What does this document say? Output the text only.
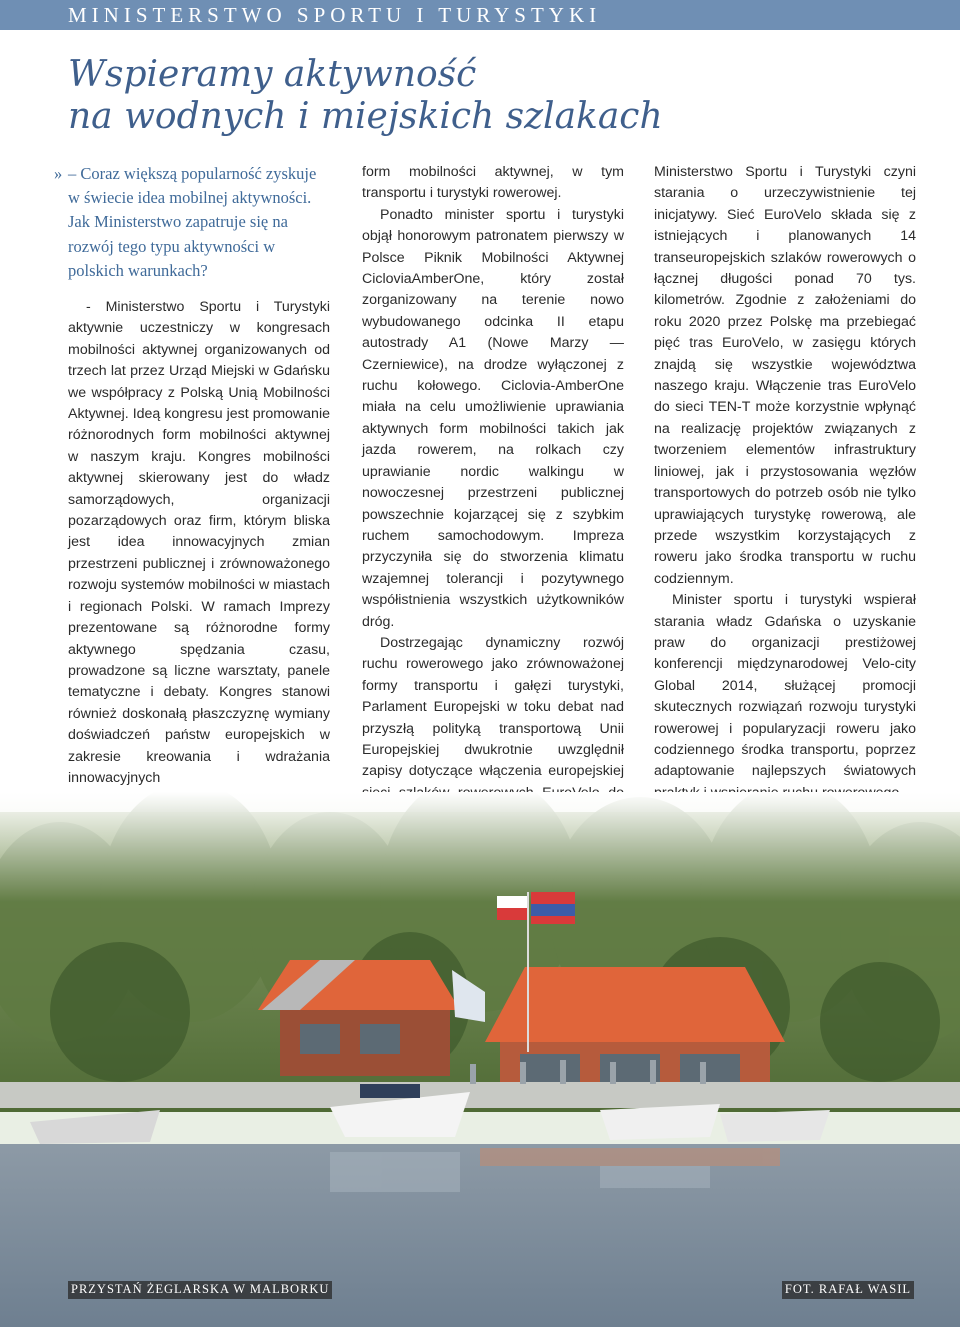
MINISTERSTWO SPORTU I TURYSTYKI
Wspieramy aktywność
na wodnych i miejskich szlakach

» – Coraz większą popularność zyskuje w świecie idea mobilnej aktywności. Jak Ministerstwo zapatruje się na rozwój tego typu aktywności w polskich warunkach?

- Ministerstwo Sportu i Turystyki aktywnie uczestniczy w kongresach mobilności aktywnej organizowanych od trzech lat przez Urząd Miejski w Gdańsku we współpracy z Polską Unią Mobilności Aktywnej. Ideą kongresu jest promowanie różnorodnych form mobilności aktywnej w naszym kraju. Kongres mobilności aktywnej skierowany jest do władz samorządowych, organizacji pozarządowych oraz firm, którym bliska jest idea innowacyjnych zmian przestrzeni publicznej i zrównoważonego rozwoju systemów mobilności w miastach i regionach Polski. W ramach Imprezy prezentowane są różnorodne formy aktywnego spędzania czasu, prowadzone są liczne warsztaty, panele tematyczne i debaty. Kongres stanowi również doskonałą płaszczyznę wymiany doświadczeń państw europejskich w zakresie kreowania i wdrażania innowacyjnych

form mobilności aktywnej, w tym transportu i turystyki rowerowej.

Ponadto minister sportu i turystyki objął honorowym patronatem pierwszy w Polsce Piknik Mobilności Aktywnej CicloviaAmberOne, który został zorganizowany na terenie nowo wybudowanego odcinka II etapu autostrady A1 (Nowe Marzy — Czerniewice), na drodze wyłączonej z ruchu kołowego. Ciclovia-AmberOne miała na celu umożliwienie uprawiania aktywnych form mobilności takich jak jazda rowerem, na rolkach czy uprawianie nordic walkingu w nowoczesnej przestrzeni publicznej powszechnie kojarzącej się z szybkim ruchem samochodowym. Impreza przyczyniła się do stworzenia klimatu wzajemnej tolerancji i pozytywnego współistnienia wszystkich użytkowników dróg.

Dostrzegając dynamiczny rozwój ruchu rowerowego jako zrównoważonej formy transportu i gałęzi turystyki, Parlament Europejski w toku debat nad przyszłą polityką transportową Unii Europejskiej dwukrotnie uwzględnił zapisy dotyczące włączenia europejskiej

Ministerstwo Sportu i Turystyki czyni starania o urzeczywistnienie tej inicjatywy. Sieć EuroVelo składa się z istniejących i planowanych 14 transeuropejskich szlaków rowerowych o łącznej długości ponad 70 tys. kilometrów. Zgodnie z założeniami do roku 2020 przez Polskę ma przebiegać pięć tras EuroVelo, w zasięgu których znajdą się wszystkie województwa naszego kraju. Włączenie tras EuroVelo do sieci TEN-T może korzystnie wpłynąć na realizację projektów związanych z tworzeniem elementów infrastruktury liniowej, jak i przystosowania węzłów transportowych do potrzeb osób nie tylko uprawiających turystykę rowerową, ale przede wszystkim korzystających z roweru jako środka transportu w ruchu codziennym.

Minister sportu i turystyki wspierał starania władz Gdańska o uzyskanie praw do organizacji prestiżowej konferencji międzynarodowej Velo-city Global 2014, służącej promocji skutecznych rozwiązań rozwoju turystyki rowerowej i popularyzacji roweru jako codziennego środka transportu, poprzez adaptowanie najlepszych światowych

PRZYSTAŃ ŻEGLARSKA W MALBORKU	FOT. RAFAŁ WASIL
